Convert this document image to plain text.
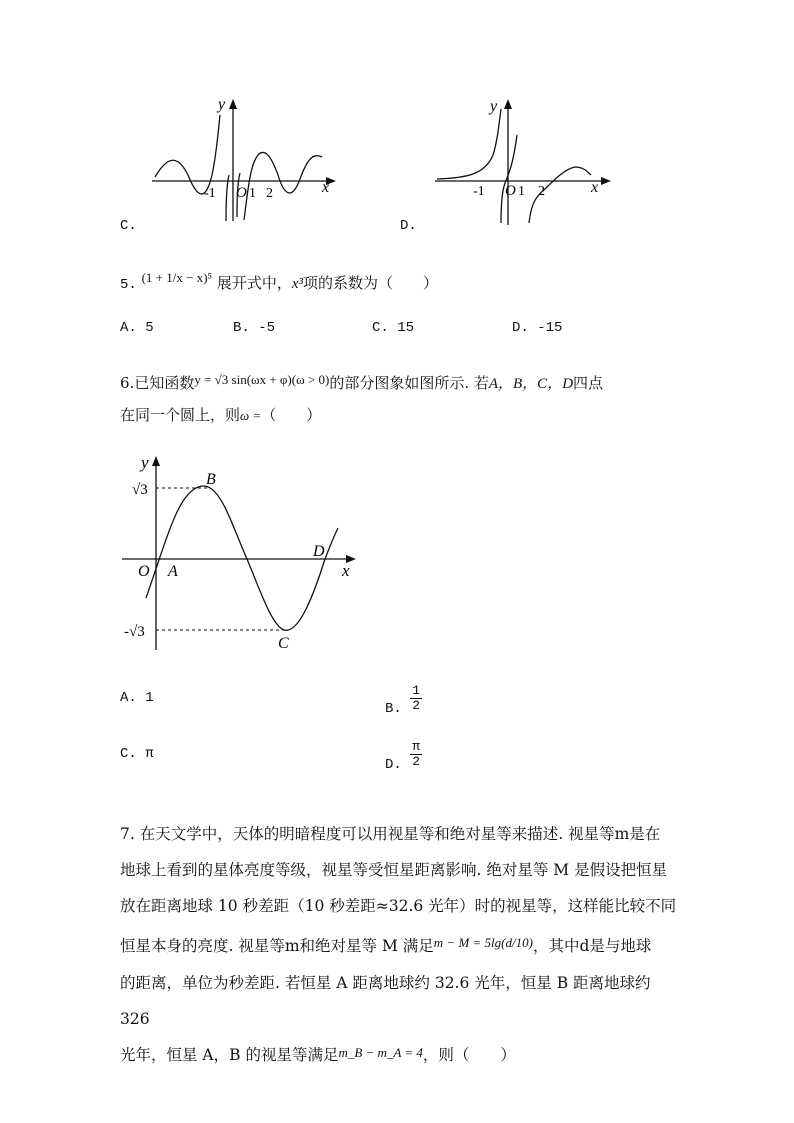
y
x
-1 O 1 2
C.
y
x
-1 O 1 2
D.
5. (1 + 1/x − x)⁵ 展开式中，x³项的系数为（　　）
A. 5	B. -5	C. 15	D. -15
6.已知函数y = √3 sin(ωx + φ)(ω > 0)的部分图象如图所示. 若A，B，C，D四点
在同一个圆上，则ω =（　　）
y
x
O
√3
-√3
A
B
C
D
A. 1
B. $\frac{1}{2}$
C. π
D. $\frac{\pi}{2}$
7. 在天文学中，天体的明暗程度可以用视星等和绝对星等来描述. 视星等m是在
地球上看到的星体亮度等级，视星等受恒星距离影响. 绝对星等 M 是假设把恒星
放在距离地球 10 秒差距（10 秒差距≈32.6 光年）时的视星等，这样能比较不同
恒星本身的亮度. 视星等m和绝对星等 M 满足$^{m - M = 5lg(d/10)}$，其中d是与地球
的距离，单位为秒差距. 若恒星 A 距离地球约 32.6 光年，恒星 B 距离地球约 326
光年，恒星 A，B 的视星等满足m_B − m_A = 4，则（　　）
